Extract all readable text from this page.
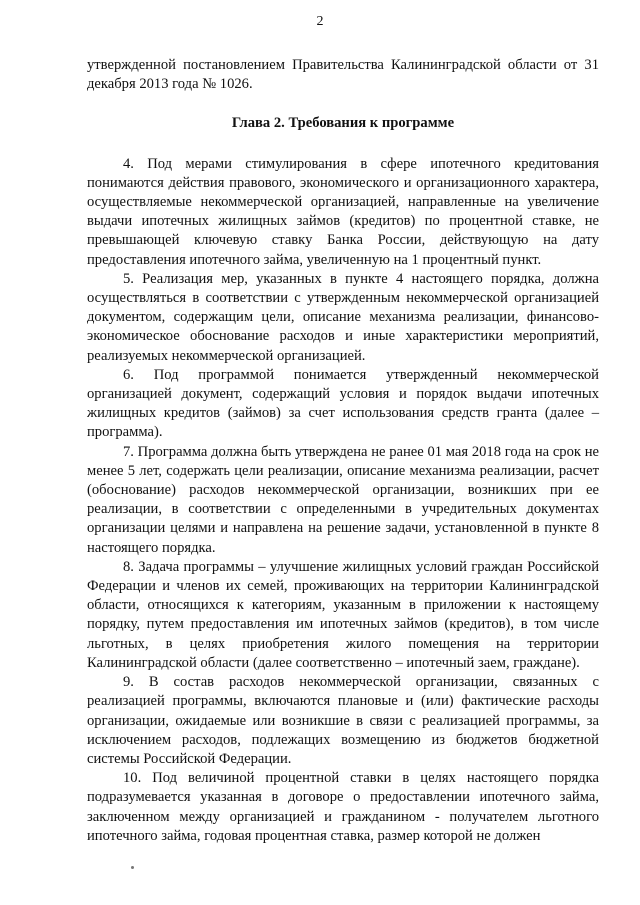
2

утвержденной постановлением Правительства Калининградской области от 31 декабря 2013 года № 1026.

Глава 2. Требования к программе

4. Под мерами стимулирования в сфере ипотечного кредитования понимаются действия правового, экономического и организационного характера, осуществляемые некоммерческой организацией, направленные на увеличение выдачи ипотечных жилищных займов (кредитов) по процентной ставке, не превышающей ключевую ставку Банка России, действующую на дату предоставления ипотечного займа, увеличенную на 1 процентный пункт.

5. Реализация мер, указанных в пункте 4 настоящего порядка, должна осуществляться в соответствии с утвержденным некоммерческой организацией документом, содержащим цели, описание механизма реализации, финансово-экономическое обоснование расходов и иные характеристики мероприятий, реализуемых некоммерческой организацией.

6. Под программой понимается утвержденный некоммерческой организацией документ, содержащий условия и порядок выдачи ипотечных жилищных кредитов (займов) за счет использования средств гранта (далее – программа).

7. Программа должна быть утверждена не ранее 01 мая 2018 года на срок не менее 5 лет, содержать цели реализации, описание механизма реализации, расчет (обоснование) расходов некоммерческой организации, возникших при ее реализации, в соответствии с определенными в учредительных документах организации целями и направлена на решение задачи, установленной в пункте 8 настоящего порядка.

8. Задача программы – улучшение жилищных условий граждан Российской Федерации и членов их семей, проживающих на территории Калининградской области, относящихся к категориям, указанным в приложении к настоящему порядку, путем предоставления им ипотечных займов (кредитов), в том числе льготных, в целях приобретения жилого помещения на территории Калининградской области (далее соответственно – ипотечный заем, граждане).

9. В состав расходов некоммерческой организации, связанных с реализацией программы, включаются плановые и (или) фактические расходы организации, ожидаемые или возникшие в связи с реализацией программы, за исключением расходов, подлежащих возмещению из бюджетов бюджетной системы Российской Федерации.

10. Под величиной процентной ставки в целях настоящего порядка подразумевается указанная в договоре о предоставлении ипотечного займа, заключенном между организацией и гражданином - получателем льготного ипотечного займа, годовая процентная ставка, размер которой не должен
